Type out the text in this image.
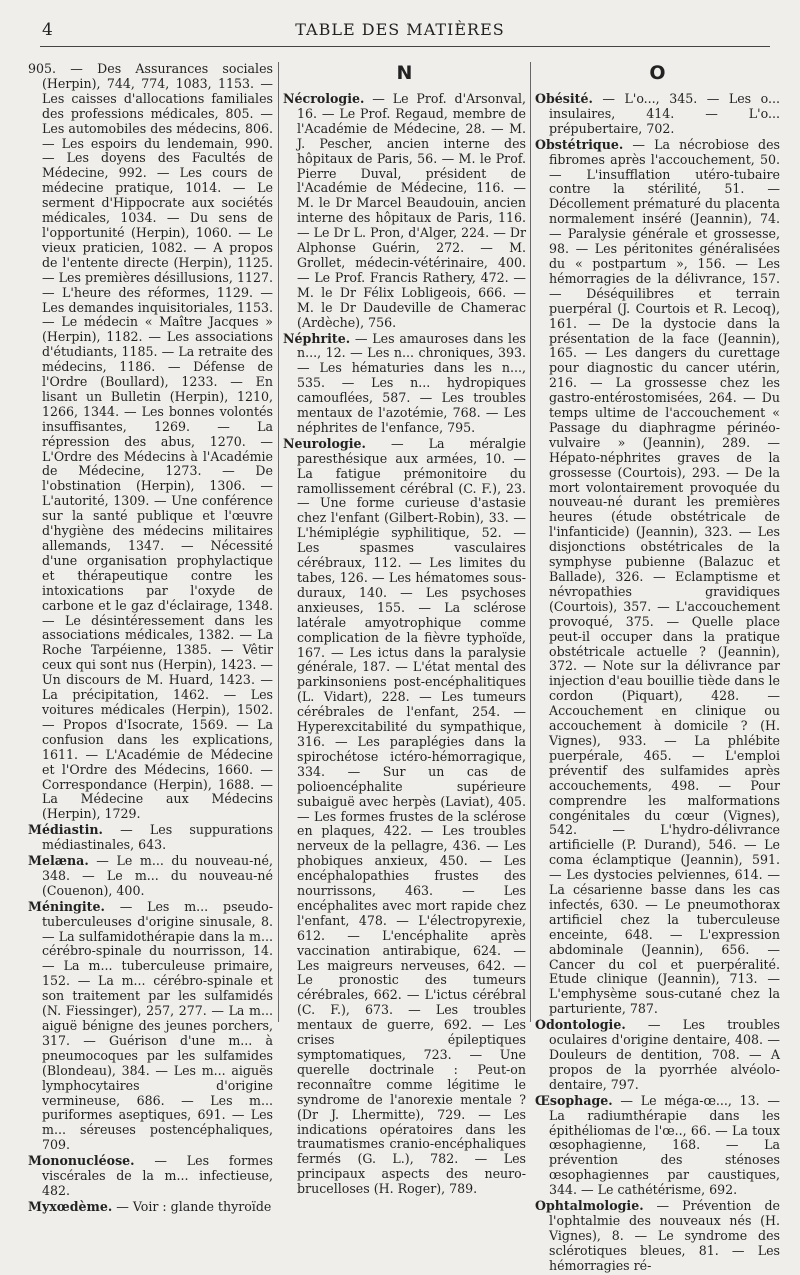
4	TABLE DES MATIÈRES
905. — Des Assurances sociales (Herpin), 744, 774, 1083, 1153. — Les caisses d'allocations familiales des professions médicales, 805. — Les automobiles des médecins, 806. — Les espoirs du lendemain, 990. — Les doyens des Facultés de Médecine, 992. — Les cours de médecine pratique, 1014. — Le serment d'Hippocrate aux sociétés médicales, 1034. — Du sens de l'opportunité (Herpin), 1060. — Le vieux praticien, 1082. — A propos de l'entente directe (Herpin), 1125. — Les premières désillusions, 1127. — L'heure des réformes, 1129. — Les demandes inquisitoriales, 1153. — Le médecin « Maître Jacques » (Herpin), 1182. — Les associations d'étudiants, 1185. — La retraite des médecins, 1186. — Défense de l'Ordre (Boullard), 1233. — En lisant un Bulletin (Herpin), 1210, 1266, 1344. — Les bonnes volontés insuffisantes, 1269. — La répression des abus, 1270. — L'Ordre des Médecins à l'Académie de Médecine, 1273. — De l'obstination (Herpin), 1306. — L'autorité, 1309. — Une conférence sur la santé publique et l'œuvre d'hygiène des médecins militaires allemands, 1347. — Nécessité d'une organisation prophylactique et thérapeutique contre les intoxications par l'oxyde de carbone et le gaz d'éclairage, 1348. — Le désintéressement dans les associations médicales, 1382. — La Roche Tarpéienne, 1385. — Vêtir ceux qui sont nus (Herpin), 1423. — Un discours de M. Huard, 1423. — La précipitation, 1462. — Les voitures médicales (Herpin), 1502. — Propos d'Isocrate, 1569. — La confusion dans les explications, 1611. — L'Académie de Médecine et l'Ordre des Médecins, 1660. — Correspondance (Herpin), 1688. — La Médecine aux Médecins (Herpin), 1729.
Médiastin. — Les suppurations médiastinales, 643.
Melæna. — Le m... du nouveau-né, 348. — Le m... du nouveau-né (Couenon), 400.
Méningite. — Les m... pseudo-tuberculeuses d'origine sinusale, 8. — La sulfamidothérapie dans la m... cérébro-spinale du nourrisson, 14. — La m... tuberculeuse primaire, 152. — La m... cérébro-spinale et son traitement par les sulfamidés (N. Fiessinger), 257, 277. — La m... aiguë bénigne des jeunes porchers, 317. — Guérison d'une m... à pneumocoques par les sulfamides (Blondeau), 384. — Les m... aiguës lymphocytaires d'origine vermineuse, 686. — Les m... puriformes aseptiques, 691. — Les m... séreuses postencéphaliques, 709.
Mononucléose. — Les formes viscérales de la m... infectieuse, 482.
Myxœdème. — Voir : glande thyroïde
N
Nécrologie. — Le Prof. d'Arsonval, 16. — Le Prof. Regaud, membre de l'Académie de Médecine, 28. — M. J. Pescher, ancien interne des hôpitaux de Paris, 56. — M. le Prof. Pierre Duval, président de l'Académie de Médecine, 116. — M. le Dr Marcel Beaudouin, ancien interne des hôpitaux de Paris, 116. — Le Dr L. Pron, d'Alger, 224. — Dr Alphonse Guérin, 272. — M. Grollet, médecin-vétérinaire, 400. — Le Prof. Francis Rathery, 472. — M. le Dr Félix Lobligeois, 666. — M. le Dr Daudeville de Chamerac (Ardèche), 756.
Néphrite. — Les amauroses dans les n..., 12. — Les n... chroniques, 393. — Les hématuries dans les n..., 535. — Les n... hydropiques camouflées, 587. — Les troubles mentaux de l'azotémie, 768. — Les néphrites de l'enfance, 795.
Neurologie. — La méralgie paresthésique aux armées, 10. — La fatigue prémonitoire du ramollissement cérébral (C. F.), 23. — Une forme curieuse d'astasie chez l'enfant (Gilbert-Robin), 33. — L'hémiplégie syphilitique, 52. — Les spasmes vasculaires cérébraux, 112. — Les limites du tabes, 126. — Les hématomes sous-duraux, 140. — Les psychoses anxieuses, 155. — La sclérose latérale amyotrophique comme complication de la fièvre typhoïde, 167. — Les ictus dans la paralysie générale, 187. — L'état mental des parkinsoniens post-encéphalitiques (L. Vidart), 228. — Les tumeurs cérébrales de l'enfant, 254. — Hyperexcitabilité du sympathique, 316. — Les paraplégies dans la spirochétose ictéro-hémorragique, 334. — Sur un cas de polioencéphalite supérieure subaiguë avec herpès (Laviat), 405. — Les formes frustes de la sclérose en plaques, 422. — Les troubles nerveux de la pellagre, 436. — Les phobiques anxieux, 450. — Les encéphalopathies frustes des nourrissons, 463. — Les encéphalites avec mort rapide chez l'enfant, 478. — L'électropyrexie, 612. — L'encéphalite après vaccination antirabique, 624. — Les maigreurs nerveuses, 642. — Le pronostic des tumeurs cérébrales, 662. — L'ictus cérébral (C. F.), 673. — Les troubles mentaux de guerre, 692. — Les crises épileptiques symptomatiques, 723. — Une querelle doctrinale : Peut-on reconnaître comme légitime le syndrome de l'anorexie mentale ? (Dr J. Lhermitte), 729. — Les indications opératoires dans les traumatismes cranio-encéphaliques fermés (G. L.), 782. — Les principaux aspects des neuro-brucelloses (H. Roger), 789.
O
Obésité. — L'o..., 345. — Les o... insulaires, 414. — L'o... prépubertaire, 702.
Obstétrique. — La nécrobiose des fibromes après l'accouchement, 50. — L'insufflation utéro-tubaire contre la stérilité, 51. — Décollement prématuré du placenta normalement inséré (Jeannin), 74. — Paralysie générale et grossesse, 98. — Les péritonites généralisées du « postpartum », 156. — Les hémorragies de la délivrance, 157. — Déséquilibres et terrain puerpéral (J. Courtois et R. Lecoq), 161. — De la dystocie dans la présentation de la face (Jeannin), 165. — Les dangers du curettage pour diagnostic du cancer utérin, 216. — La grossesse chez les gastro-entérostomisées, 264. — Du temps ultime de l'accouchement « Passage du diaphragme périnéo-vulvaire » (Jeannin), 289. — Hépato-néphrites graves de la grossesse (Courtois), 293. — De la mort volontairement provoquée du nouveau-né durant les premières heures (étude obstétricale de l'infanticide) (Jeannin), 323. — Les disjonctions obstétricales de la symphyse pubienne (Balazuc et Ballade), 326. — Eclamptisme et névropathies gravidiques (Courtois), 357. — L'accouchement provoqué, 375. — Quelle place peut-il occuper dans la pratique obstétricale actuelle ? (Jeannin), 372. — Note sur la délivrance par injection d'eau bouillie tiède dans le cordon (Piquart), 428. — Accouchement en clinique ou accouchement à domicile ? (H. Vignes), 933. — La phlébite puerpérale, 465. — L'emploi préventif des sulfamides après accouchements, 498. — Pour comprendre les malformations congénitales du cœur (Vignes), 542. — L'hydro-délivrance artificielle (P. Durand), 546. — Le coma éclamptique (Jeannin), 591. — Les dystocies pelviennes, 614. — La césarienne basse dans les cas infectés, 630. — Le pneumothorax artificiel chez la tuberculeuse enceinte, 648. — L'expression abdominale (Jeannin), 656. — Cancer du col et puerpéralité. Etude clinique (Jeannin), 713. — L'emphysème sous-cutané chez la parturiente, 787.
Odontologie. — Les troubles oculaires d'origine dentaire, 408. — Douleurs de dentition, 708. — A propos de la pyorrhée alvéolo-dentaire, 797.
Œsophage. — Le méga-œ..., 13. — La radiumthérapie dans les épithéliomas de l'œ.., 66. — La toux œsophagienne, 168. — La prévention des sténoses œsophagiennes par caustiques, 344. — Le cathétérisme, 692.
Ophtalmologie. — Prévention de l'ophtalmie des nouveaux nés (H. Vignes), 8. — Le syndrome des sclérotiques bleues, 81. — Les hémorragies ré-
